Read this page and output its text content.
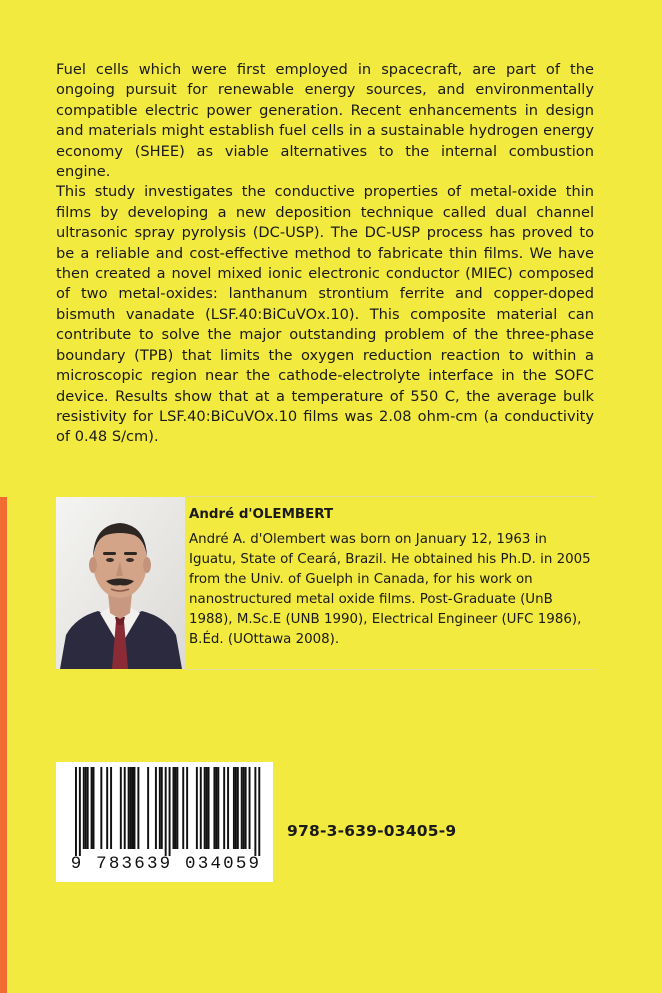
Fuel cells which were first employed in spacecraft, are part of the ongoing pursuit for renewable energy sources, and environmentally compatible electric power generation. Recent enhancements in design and materials might establish fuel cells in a sustainable hydrogen energy economy (SHEE) as viable alternatives to the internal combustion engine.

This study investigates the conductive properties of metal-oxide thin films by developing a new deposition technique called dual channel ultrasonic spray pyrolysis (DC-USP). The DC-USP process has proved to be a reliable and cost-effective method to fabricate thin films. We have then created a novel mixed ionic electronic conductor (MIEC) composed of two metal-oxides: lanthanum strontium ferrite and copper-doped bismuth vanadate (LSF.40:BiCuVOx.10). This composite material can contribute to solve the major outstanding problem of the three-phase boundary (TPB) that limits the oxygen reduction reaction to within a microscopic region near the cathode-electrolyte interface in the SOFC device. Results show that at a temperature of 550 C, the average bulk resistivity for LSF.40:BiCuVOx.10 films was 2.08 ohm-cm (a conductivity of 0.48 S/cm).

André d'OLEMBERT
André A. d'Olembert was born on January 12, 1963 in Iguatu, State of Ceará, Brazil. He obtained his Ph.D. in 2005 from the Univ. of Guelph in Canada, for his work on nanostructured metal oxide films. Post-Graduate (UnB 1988), M.Sc.E (UNB 1990), Electrical Engineer (UFC 1986), B.Éd. (UOttawa 2008).
9 783639 034059
978-3-639-03405-9
